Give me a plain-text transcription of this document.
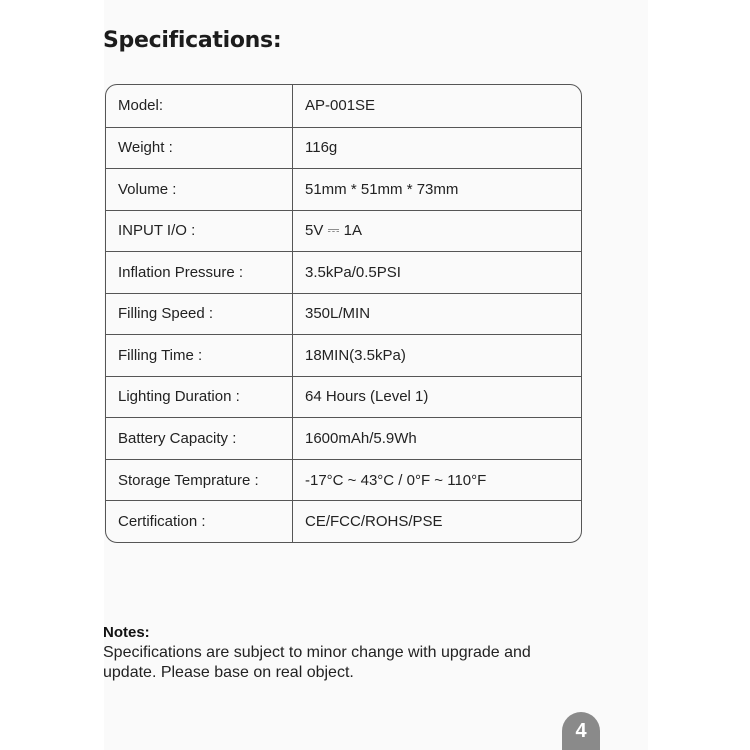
Specifications:
Model:	AP-001SE
Weight :	116g
Volume :	51mm * 51mm * 73mm
INPUT I/O :	5V ⎓ 1A
Inflation Pressure :	3.5kPa/0.5PSI
Filling Speed :	350L/MIN
Filling Time :	18MIN(3.5kPa)
Lighting Duration :	64 Hours (Level 1)
Battery Capacity :	1600mAh/5.9Wh
Storage Temprature :	-17°C ~ 43°C / 0°F ~ 110°F
Certification :	CE/FCC/ROHS/PSE
Notes:
Specifications are subject to minor change with upgrade and update. Please base on real object.
4
